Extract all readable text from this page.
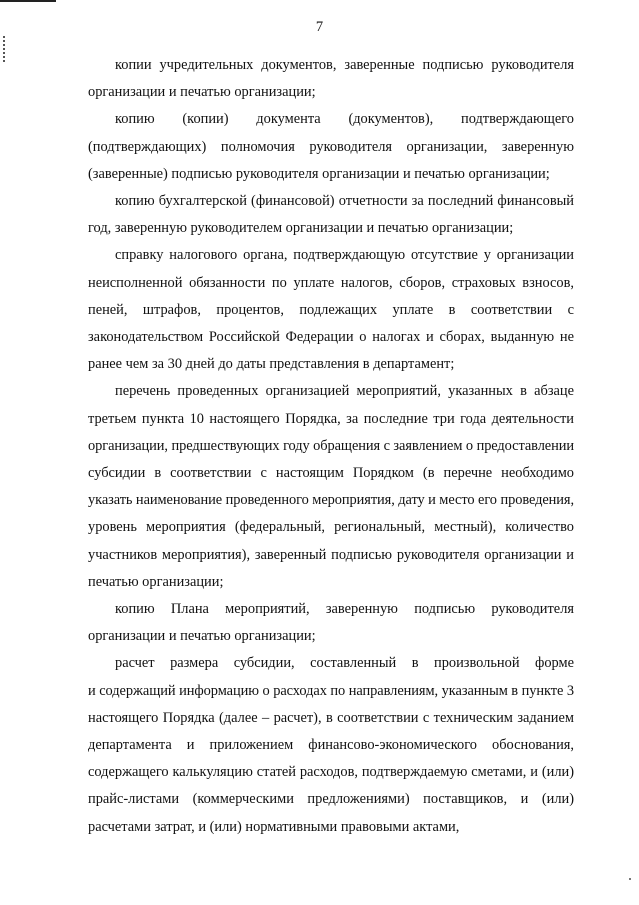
7

копии учредительных документов, заверенные подписью руководителя
организации и печатью организации;

копию (копии) документа (документов), подтверждающего
(подтверждающих) полномочия руководителя организации, заверенную
(заверенные) подписью руководителя организации и печатью организации;

копию бухгалтерской (финансовой) отчетности за последний финансовый
год, заверенную руководителем организации и печатью организации;

справку налогового органа, подтверждающую отсутствие у организации
неисполненной обязанности по уплате налогов, сборов, страховых взносов,
пеней, штрафов, процентов, подлежащих уплате в соответствии с
законодательством Российской Федерации о налогах и сборах, выданную не
ранее чем за 30 дней до даты представления в департамент;

перечень проведенных организацией мероприятий, указанных в абзаце
третьем пункта 10 настоящего Порядка, за последние три года деятельности
организации, предшествующих году обращения с заявлением о предоставлении
субсидии в соответствии с настоящим Порядком (в перечне необходимо
указать наименование проведенного мероприятия, дату и место его проведения,
уровень мероприятия (федеральный, региональный, местный), количество
участников мероприятия), заверенный подписью руководителя организации и
печатью организации;

копию Плана мероприятий, заверенную подписью руководителя
организации и печатью организации;

расчет размера субсидии, составленный в произвольной форме
и содержащий информацию о расходах по направлениям, указанным в пункте 3
настоящего Порядка (далее – расчет), в соответствии с техническим заданием
департамента и приложением финансово-экономического обоснования,
содержащего калькуляцию статей расходов, подтверждаемую сметами, и (или)
прайс-листами (коммерческими предложениями) поставщиков, и (или)
расчетами затрат, и (или) нормативными правовыми актами,
